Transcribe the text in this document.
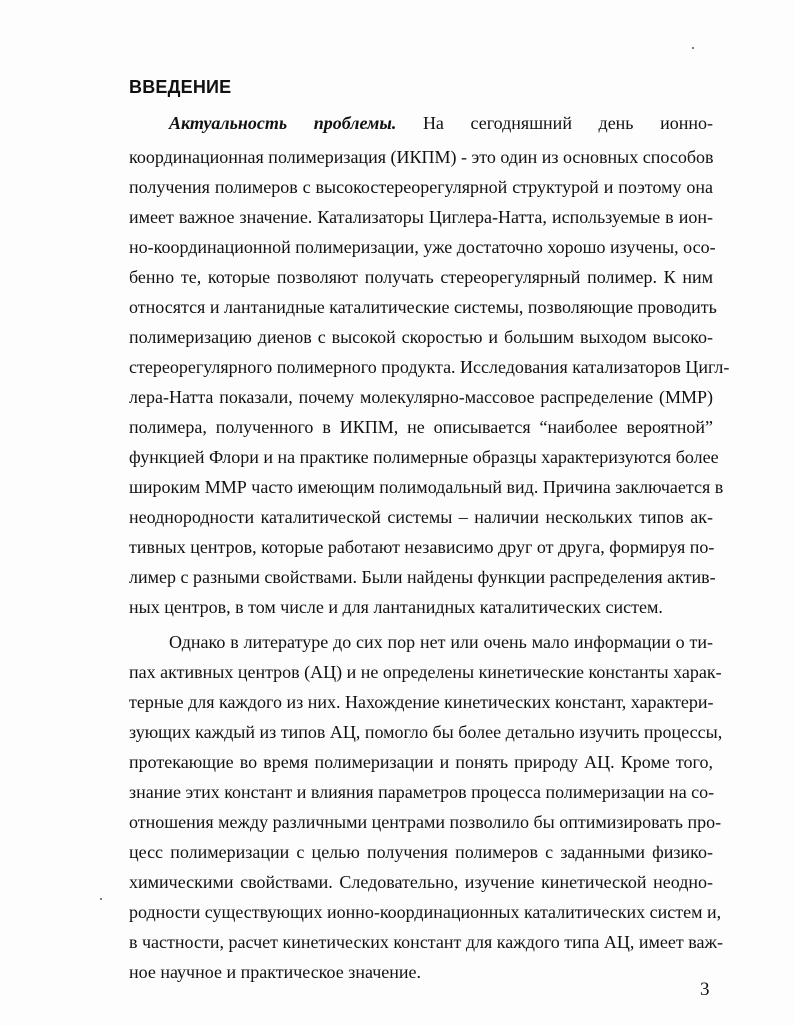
ВВЕДЕНИЕ
Актуальность проблемы. На сегодняшний день ионно-
координационная полимеризация (ИКПМ) - это один из основных способов
получения полимеров с высокостереорегулярной структурой и поэтому она
имеет важное значение. Катализаторы Циглера-Натта, используемые в ион-
но-координационной полимеризации, уже достаточно хорошо изучены, осо-
бенно те, которые позволяют получать стереорегулярный полимер. К ним
относятся и лантанидные каталитические системы, позволяющие проводить
полимеризацию диенов с высокой скоростью и большим выходом высоко-
стереорегулярного полимерного продукта. Исследования катализаторов Цигл-
лера-Натта показали, почему молекулярно-массовое распределение (ММР)
полимера, полученного в ИКПМ, не описывается “наиболее вероятной”
функцией Флори и на практике полимерные образцы характеризуются более
широким ММР часто имеющим полимодальный вид. Причина заключается в
неоднородности каталитической системы – наличии нескольких типов ак-
тивных центров, которые работают независимо друг от друга, формируя по-
лимер с разными свойствами. Были найдены функции распределения актив-
ных центров, в том числе и для лантанидных каталитических систем.
Однако в литературе до сих пор нет или очень мало информации о ти-
пах активных центров (АЦ) и не определены кинетические константы харак-
терные для каждого из них. Нахождение кинетических констант, характери-
зующих каждый из типов АЦ, помогло бы более детально изучить процессы,
протекающие во время полимеризации и понять природу АЦ. Кроме того,
знание этих констант и влияния параметров процесса полимеризации на со-
отношения между различными центрами позволило бы оптимизировать про-
цесс полимеризации с целью получения полимеров с заданными физико-
химическими свойствами. Следовательно, изучение кинетической неодно-
родности существующих ионно-координационных каталитических систем и,
в частности, расчет кинетических констант для каждого типа АЦ, имеет важ-
ное научное и практическое значение.
3
